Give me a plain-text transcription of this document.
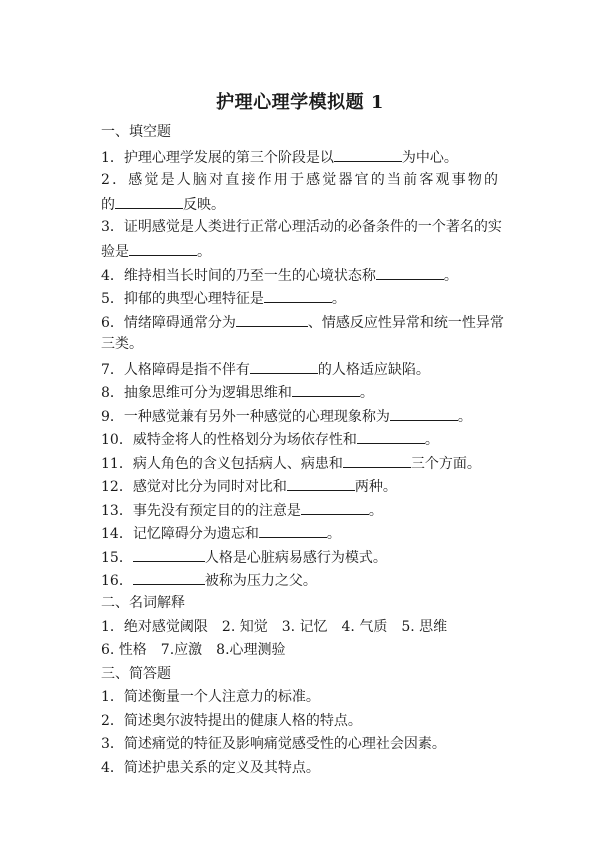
护理心理学模拟题 1
一、填空题
1．护理心理学发展的第三个阶段是以	为中心。
2．感觉是人脑对直接作用于感觉器官的当前客观事物的
的	反映。
3．证明感觉是人类进行正常心理活动的必备条件的一个著名的实
验是	。
4．维持相当长时间的乃至一生的心境状态称	。
5．抑郁的典型心理特征是	。
6．情绪障碍通常分为	、情感反应性异常和统一性异常
三类。
7．人格障碍是指不伴有	的人格适应缺陷。
8．抽象思维可分为逻辑思维和	。
9．一种感觉兼有另外一种感觉的心理现象称为	。
10．威特金将人的性格划分为场依存性和	。
11．病人角色的含义包括病人、病患和	三个方面。
12．感觉对比分为同时对比和	两种。
13．事先没有预定目的的注意是	。
14．记忆障碍分为遗忘和	。
15．	人格是心脏病易感行为模式。
16．	被称为压力之父。
二、名词解释
1．绝对感觉阈限　2. 知觉　3. 记忆　4. 气质　5. 思维
6. 性格　7.应激　8.心理测验
三、简答题
1．简述衡量一个人注意力的标准。
2．简述奥尔波特提出的健康人格的特点。
3．简述痛觉的特征及影响痛觉感受性的心理社会因素。
4．简述护患关系的定义及其特点。
